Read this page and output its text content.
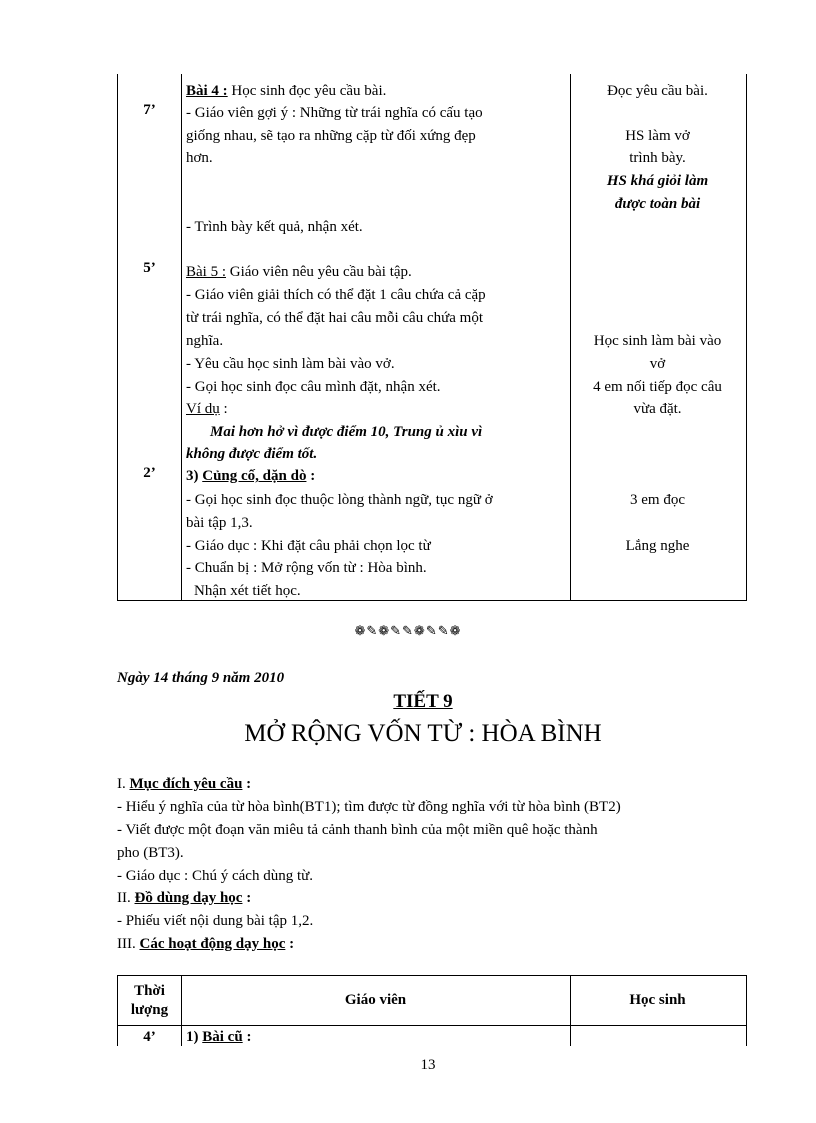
7’
5’
2’
Bài 4 : Học sinh đọc yêu cầu bài.
- Giáo viên gợi ý : Những từ trái nghĩa có cấu tạo
giống nhau, sẽ tạo ra những cặp từ đối xứng đẹp
hơn.
- Trình bày kết quả, nhận xét.
Bài 5 : Giáo viên nêu yêu cầu bài tập.
- Giáo viên giải thích có thể đặt 1 câu chứa cả cặp
từ trái nghĩa, có thể đặt hai câu mỗi câu chứa một
nghĩa.
- Yêu cầu học sinh làm bài vào vở.
- Gọi học sinh đọc câu mình đặt, nhận xét.
Ví dụ :
Mai hơn hở vì được điểm 10, Trung ủ xìu vì
không được điểm tốt.
3) Củng cố, dặn dò :
- Gọi học sinh đọc thuộc lòng thành ngữ, tục ngữ ở
bài tập 1,3.
- Giáo dục : Khi đặt câu phải chọn lọc từ
- Chuẩn bị : Mở rộng vốn từ : Hòa bình.
Nhận xét tiết học.
Đọc yêu cầu bài.
HS làm vở
trình bày.
HS khá giỏi làm
được toàn bài
Học sinh làm bài vào
vở
4 em nối tiếp đọc câu
vừa đặt.
3 em đọc
Lắng nghe
❁✎❁✎✎❁✎✎❁
Ngày 14 tháng 9 năm 2010
TIẾT 9
MỞ RỘNG VỐN TỪ : HÒA BÌNH
I. Mục đích yêu cầu :
- Hiểu ý nghĩa của từ hòa bình(BT1); tìm được từ đồng nghĩa với từ hòa bình (BT2)
- Viết được một đoạn văn miêu tả cảnh thanh bình của một miền quê hoặc thành
pho (BT3).
- Giáo dục : Chú ý cách dùng từ.
II. Đồ dùng dạy học :
- Phiếu viết nội dung bài tập 1,2.
III. Các hoạt động dạy học :
Thời
lượng
Giáo viên	Học sinh
4’	1) Bài cũ :
13
